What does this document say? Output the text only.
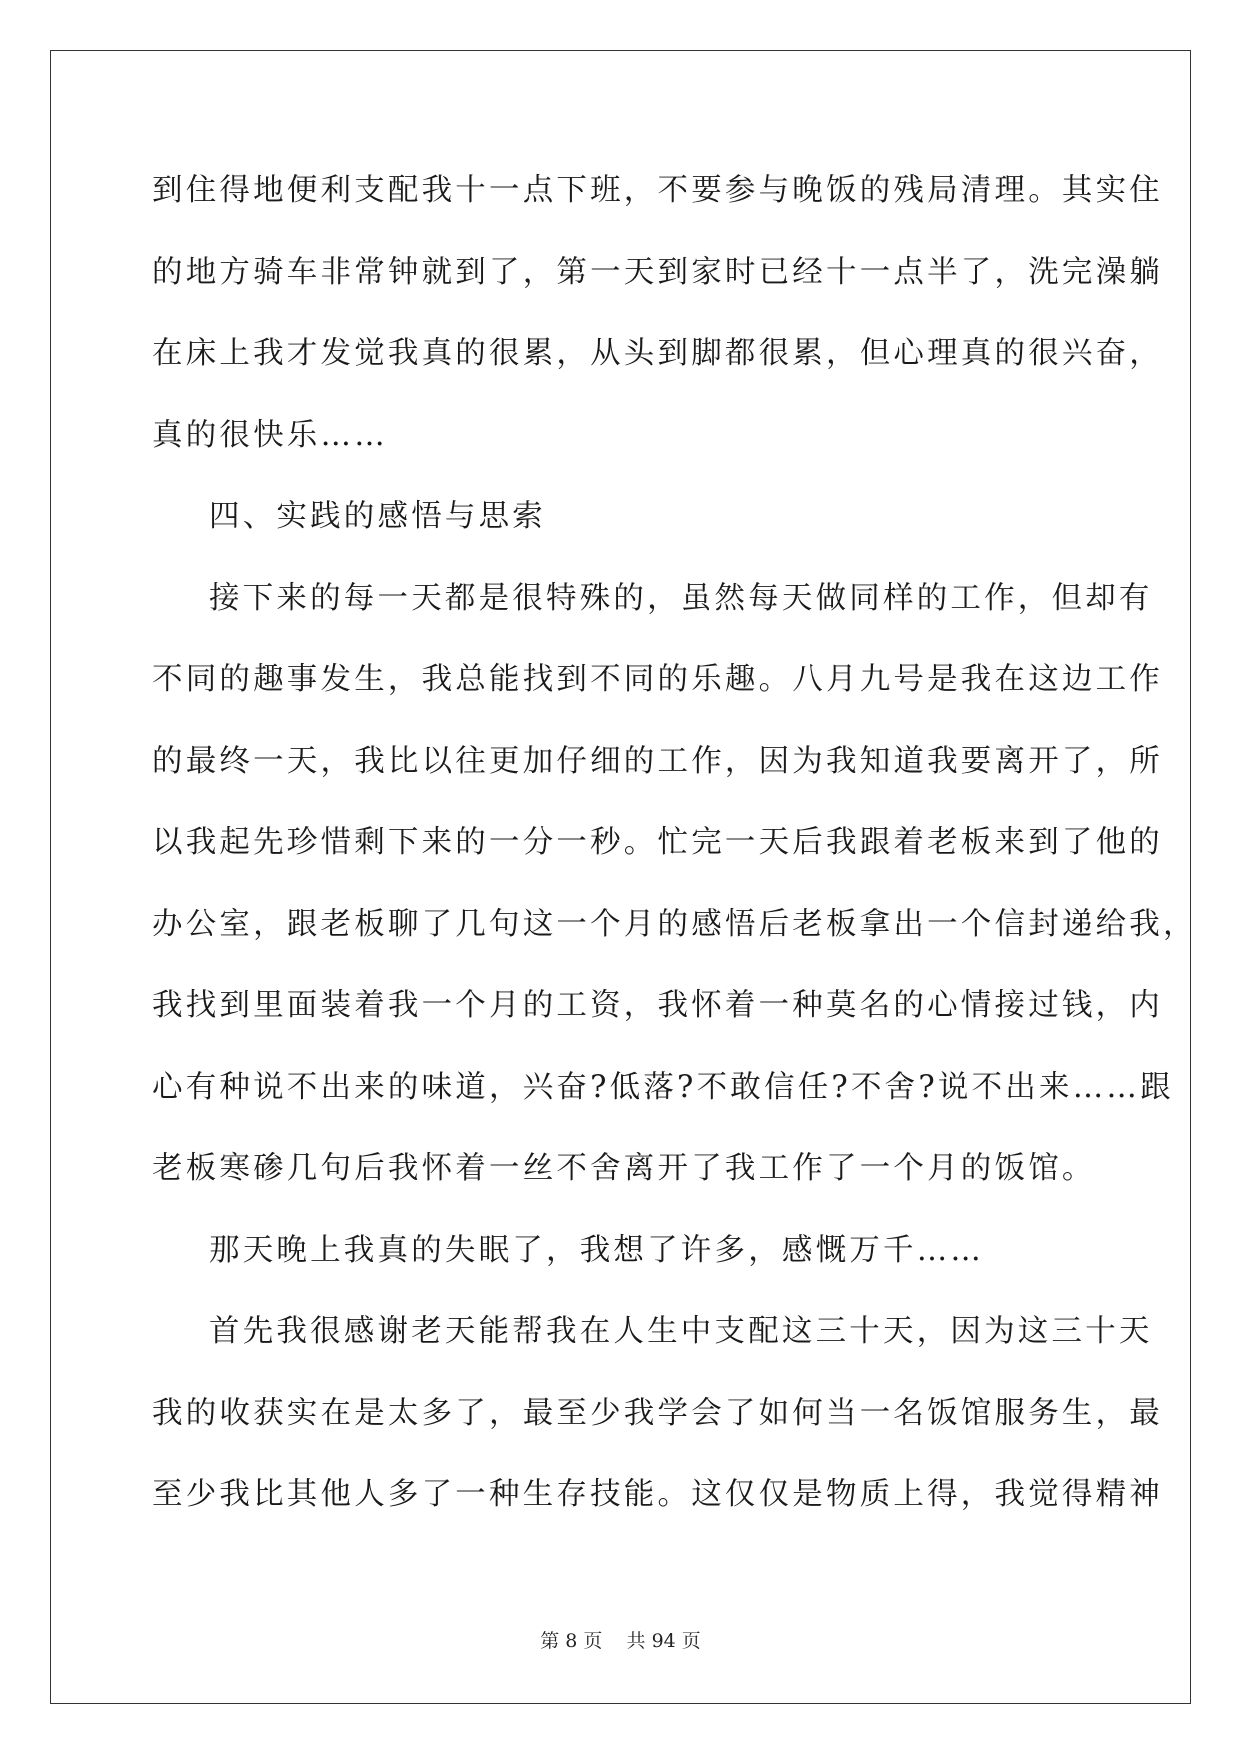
到住得地便利支配我十一点下班，不要参与晚饭的残局清理。其实住
的地方骑车非常钟就到了，第一天到家时已经十一点半了，洗完澡躺
在床上我才发觉我真的很累，从头到脚都很累，但心理真的很兴奋，
真的很快乐……
四、实践的感悟与思索
接下来的每一天都是很特殊的，虽然每天做同样的工作，但却有
不同的趣事发生，我总能找到不同的乐趣。八月九号是我在这边工作
的最终一天，我比以往更加仔细的工作，因为我知道我要离开了，所
以我起先珍惜剩下来的一分一秒。忙完一天后我跟着老板来到了他的
办公室，跟老板聊了几句这一个月的感悟后老板拿出一个信封递给我，
我找到里面装着我一个月的工资，我怀着一种莫名的心情接过钱，内
心有种说不出来的味道，兴奋?低落?不敢信任?不舍?说不出来……跟
老板寒碜几句后我怀着一丝不舍离开了我工作了一个月的饭馆。
那天晚上我真的失眠了，我想了许多，感慨万千……
首先我很感谢老天能帮我在人生中支配这三十天，因为这三十天
我的收获实在是太多了，最至少我学会了如何当一名饭馆服务生，最
至少我比其他人多了一种生存技能。这仅仅是物质上得，我觉得精神
第 8 页 共 94 页
